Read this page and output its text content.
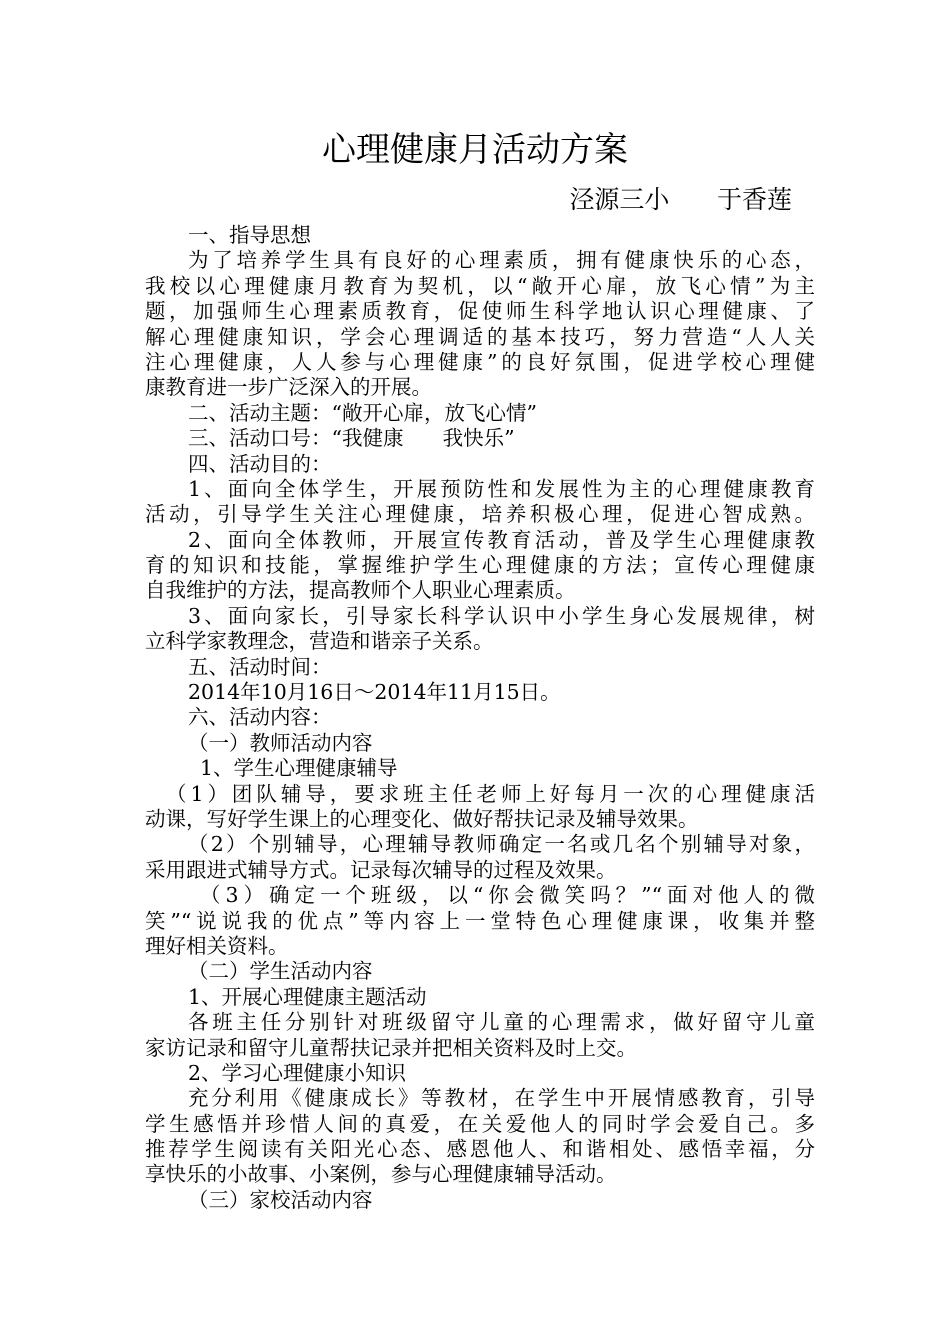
心理健康月活动方案
泾源三小      于香莲
一、指导思想
为了培养学生具有良好的心理素质，拥有健康快乐的心态，
我校以心理健康月教育为契机，以“敞开心扉，放飞心情”为主
题，加强师生心理素质教育，促使师生科学地认识心理健康、了
解心理健康知识，学会心理调适的基本技巧，努力营造“人人关
注心理健康，人人参与心理健康”的良好氛围，促进学校心理健
康教育进一步广泛深入的开展。
二、活动主题：“敞开心扉，放飞心情”
三、活动口号：“我健康      我快乐”
四、活动目的：
1、面向全体学生，开展预防性和发展性为主的心理健康教育
活动，引导学生关注心理健康，培养积极心理，促进心智成熟。
2、面向全体教师，开展宣传教育活动，普及学生心理健康教
育的知识和技能，掌握维护学生心理健康的方法；宣传心理健康
自我维护的方法，提高教师个人职业心理素质。
3、面向家长，引导家长科学认识中小学生身心发展规律，树
立科学家教理念，营造和谐亲子关系。
五、活动时间：
2014年10月16日～2014年11月15日。
六、活动内容：
（一）教师活动内容
1、学生心理健康辅导
（1）团队辅导，要求班主任老师上好每月一次的心理健康活
动课，写好学生课上的心理变化、做好帮扶记录及辅导效果。
（2）个别辅导，心理辅导教师确定一名或几名个别辅导对象，
采用跟进式辅导方式。记录每次辅导的过程及效果。
（3）确定一个班级，以“你会微笑吗？”“面对他人的微
笑”“说说我的优点”等内容上一堂特色心理健康课，收集并整
理好相关资料。
（二）学生活动内容
1、开展心理健康主题活动
各班主任分别针对班级留守儿童的心理需求，做好留守儿童
家访记录和留守儿童帮扶记录并把相关资料及时上交。
2、学习心理健康小知识
充分利用《健康成长》等教材，在学生中开展情感教育，引导
学生感悟并珍惜人间的真爱，在关爱他人的同时学会爱自己。多
推荐学生阅读有关阳光心态、感恩他人、和谐相处、感悟幸福，分
享快乐的小故事、小案例，参与心理健康辅导活动。
（三）家校活动内容
